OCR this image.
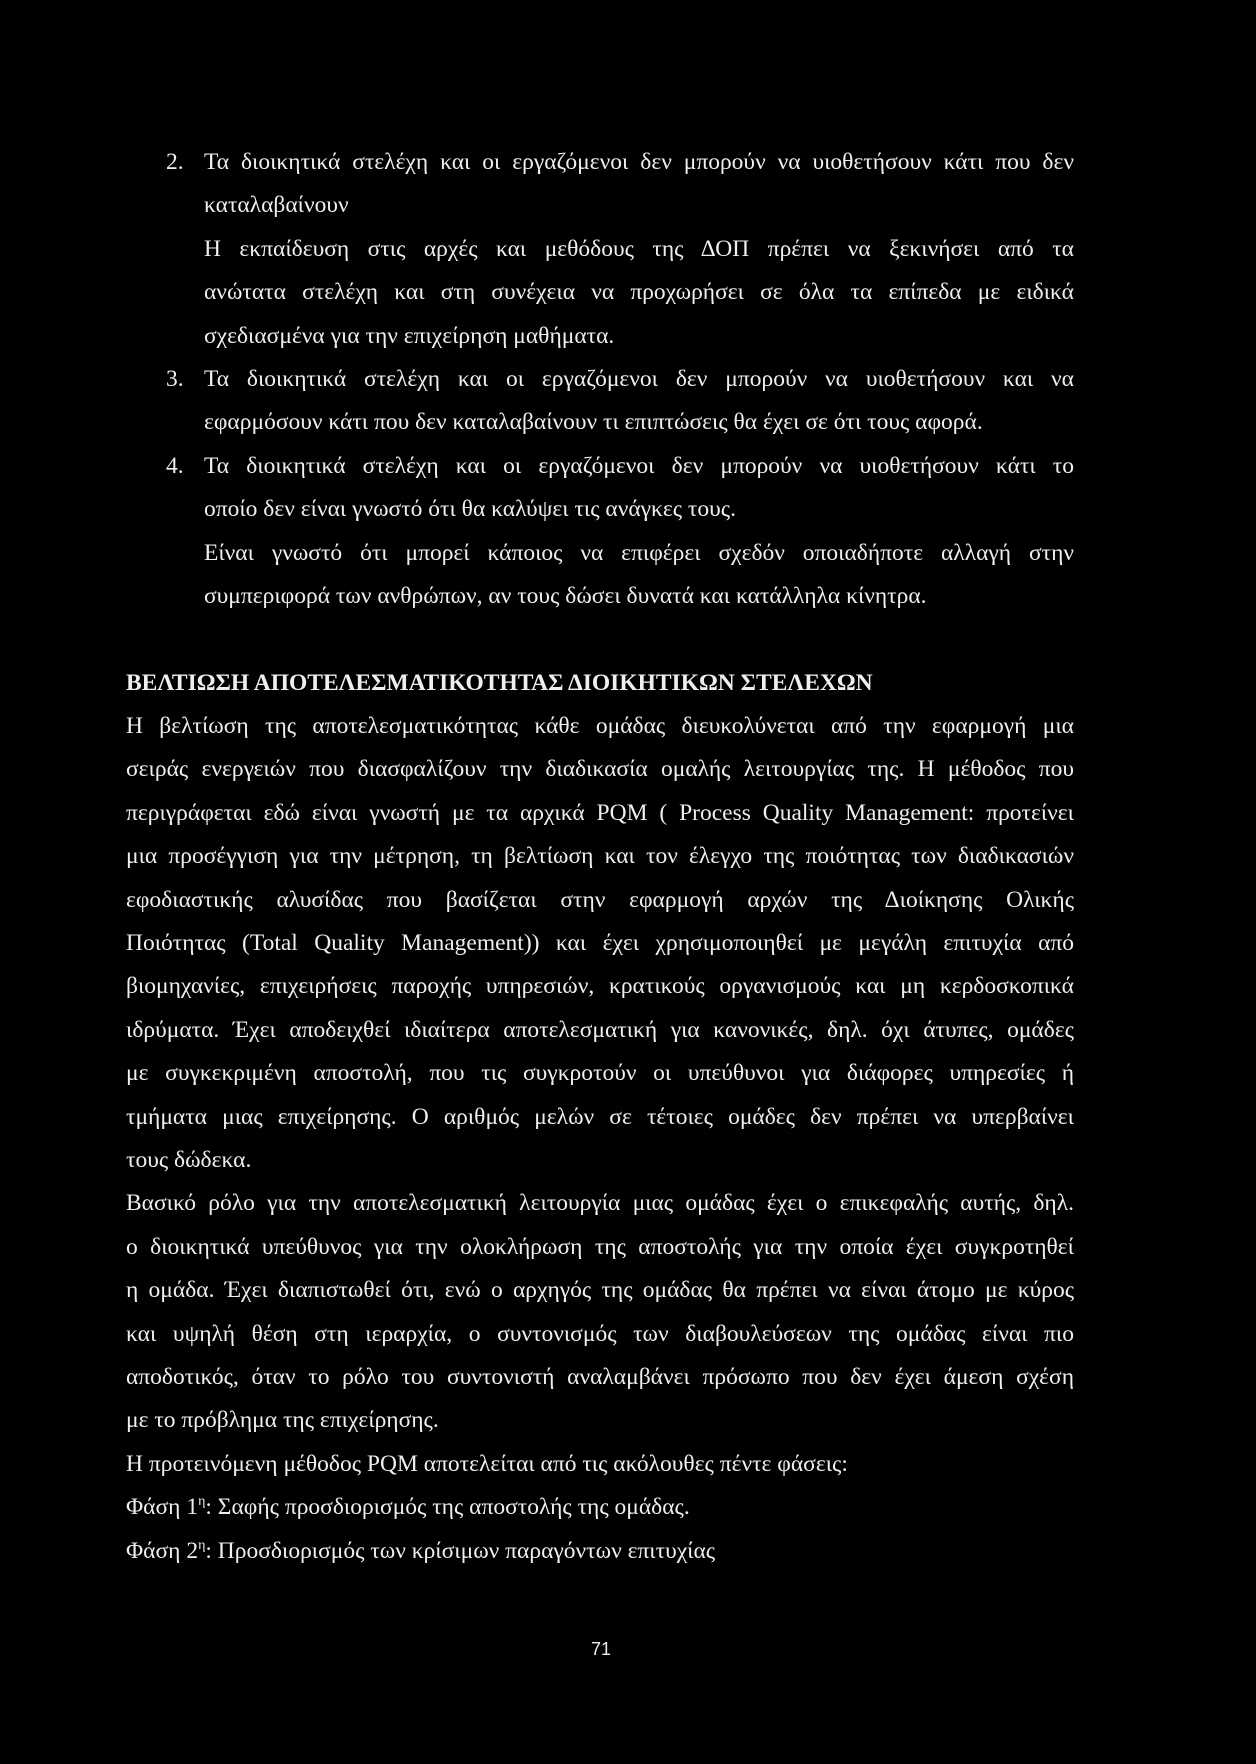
2. Τα διοικητικά στελέχη και οι εργαζόμενοι δεν μπορούν να υιοθετήσουν κάτι που δεν
καταλαβαίνουν
Η εκπαίδευση στις αρχές και μεθόδους της ΔΟΠ πρέπει να ξεκινήσει από τα
ανώτατα στελέχη και στη συνέχεια να προχωρήσει σε όλα τα επίπεδα με ειδικά
σχεδιασμένα για την επιχείρηση μαθήματα.
3. Τα διοικητικά στελέχη και οι εργαζόμενοι δεν μπορούν να υιοθετήσουν και να
εφαρμόσουν κάτι που δεν καταλαβαίνουν τι επιπτώσεις θα έχει σε ότι τους αφορά.
4. Τα διοικητικά στελέχη και οι εργαζόμενοι δεν μπορούν να υιοθετήσουν κάτι το
οποίο δεν είναι γνωστό ότι θα καλύψει τις ανάγκες τους.
Είναι γνωστό ότι μπορεί κάποιος να επιφέρει σχεδόν οποιαδήποτε αλλαγή στην
συμπεριφορά των ανθρώπων, αν τους δώσει δυνατά και κατάλληλα κίνητρα.
ΒΕΛΤΙΩΣΗ ΑΠΟΤΕΛΕΣΜΑΤΙΚΟΤΗΤΑΣ ΔΙΟΙΚΗΤΙΚΩΝ ΣΤΕΛΕΧΩΝ
Η βελτίωση της αποτελεσματικότητας κάθε ομάδας διευκολύνεται από την εφαρμογή μια
σειράς ενεργειών που διασφαλίζουν την διαδικασία ομαλής λειτουργίας της. Η μέθοδος που
περιγράφεται εδώ είναι γνωστή με τα αρχικά PQM ( Process Quality Management: προτείνει
μια προσέγγιση για την μέτρηση, τη βελτίωση και τον έλεγχο της ποιότητας των διαδικασιών
εφοδιαστικής αλυσίδας που βασίζεται στην εφαρμογή αρχών της Διοίκησης Ολικής
Ποιότητας (Total Quality Management)) και έχει χρησιμοποιηθεί με μεγάλη επιτυχία από
βιομηχανίες, επιχειρήσεις παροχής υπηρεσιών, κρατικούς οργανισμούς και μη κερδοσκοπικά
ιδρύματα. Έχει αποδειχθεί ιδιαίτερα αποτελεσματική για κανονικές, δηλ. όχι άτυπες, ομάδες
με συγκεκριμένη αποστολή, που τις συγκροτούν οι υπεύθυνοι για διάφορες υπηρεσίες ή
τμήματα μιας επιχείρησης. Ο αριθμός μελών σε τέτοιες ομάδες δεν πρέπει να υπερβαίνει
τους δώδεκα.
Βασικό ρόλο για την αποτελεσματική λειτουργία μιας ομάδας έχει ο επικεφαλής αυτής, δηλ.
ο διοικητικά υπεύθυνος για την ολοκλήρωση της αποστολής για την οποία έχει συγκροτηθεί
η ομάδα. Έχει διαπιστωθεί ότι, ενώ ο αρχηγός της ομάδας θα πρέπει να είναι άτομο με κύρος
και υψηλή θέση στη ιεραρχία, ο συντονισμός των διαβουλεύσεων της ομάδας είναι πιο
αποδοτικός, όταν το ρόλο του συντονιστή αναλαμβάνει πρόσωπο που δεν έχει άμεση σχέση
με το πρόβλημα της επιχείρησης.
Η προτεινόμενη μέθοδος PQM αποτελείται από τις ακόλουθες πέντε φάσεις:
Φάση $1^\eta$: Σαφής προσδιορισμός της αποστολής της ομάδας.
Φάση $2^\eta$: Προσδιορισμός των κρίσιμων παραγόντων επιτυχίας
71
